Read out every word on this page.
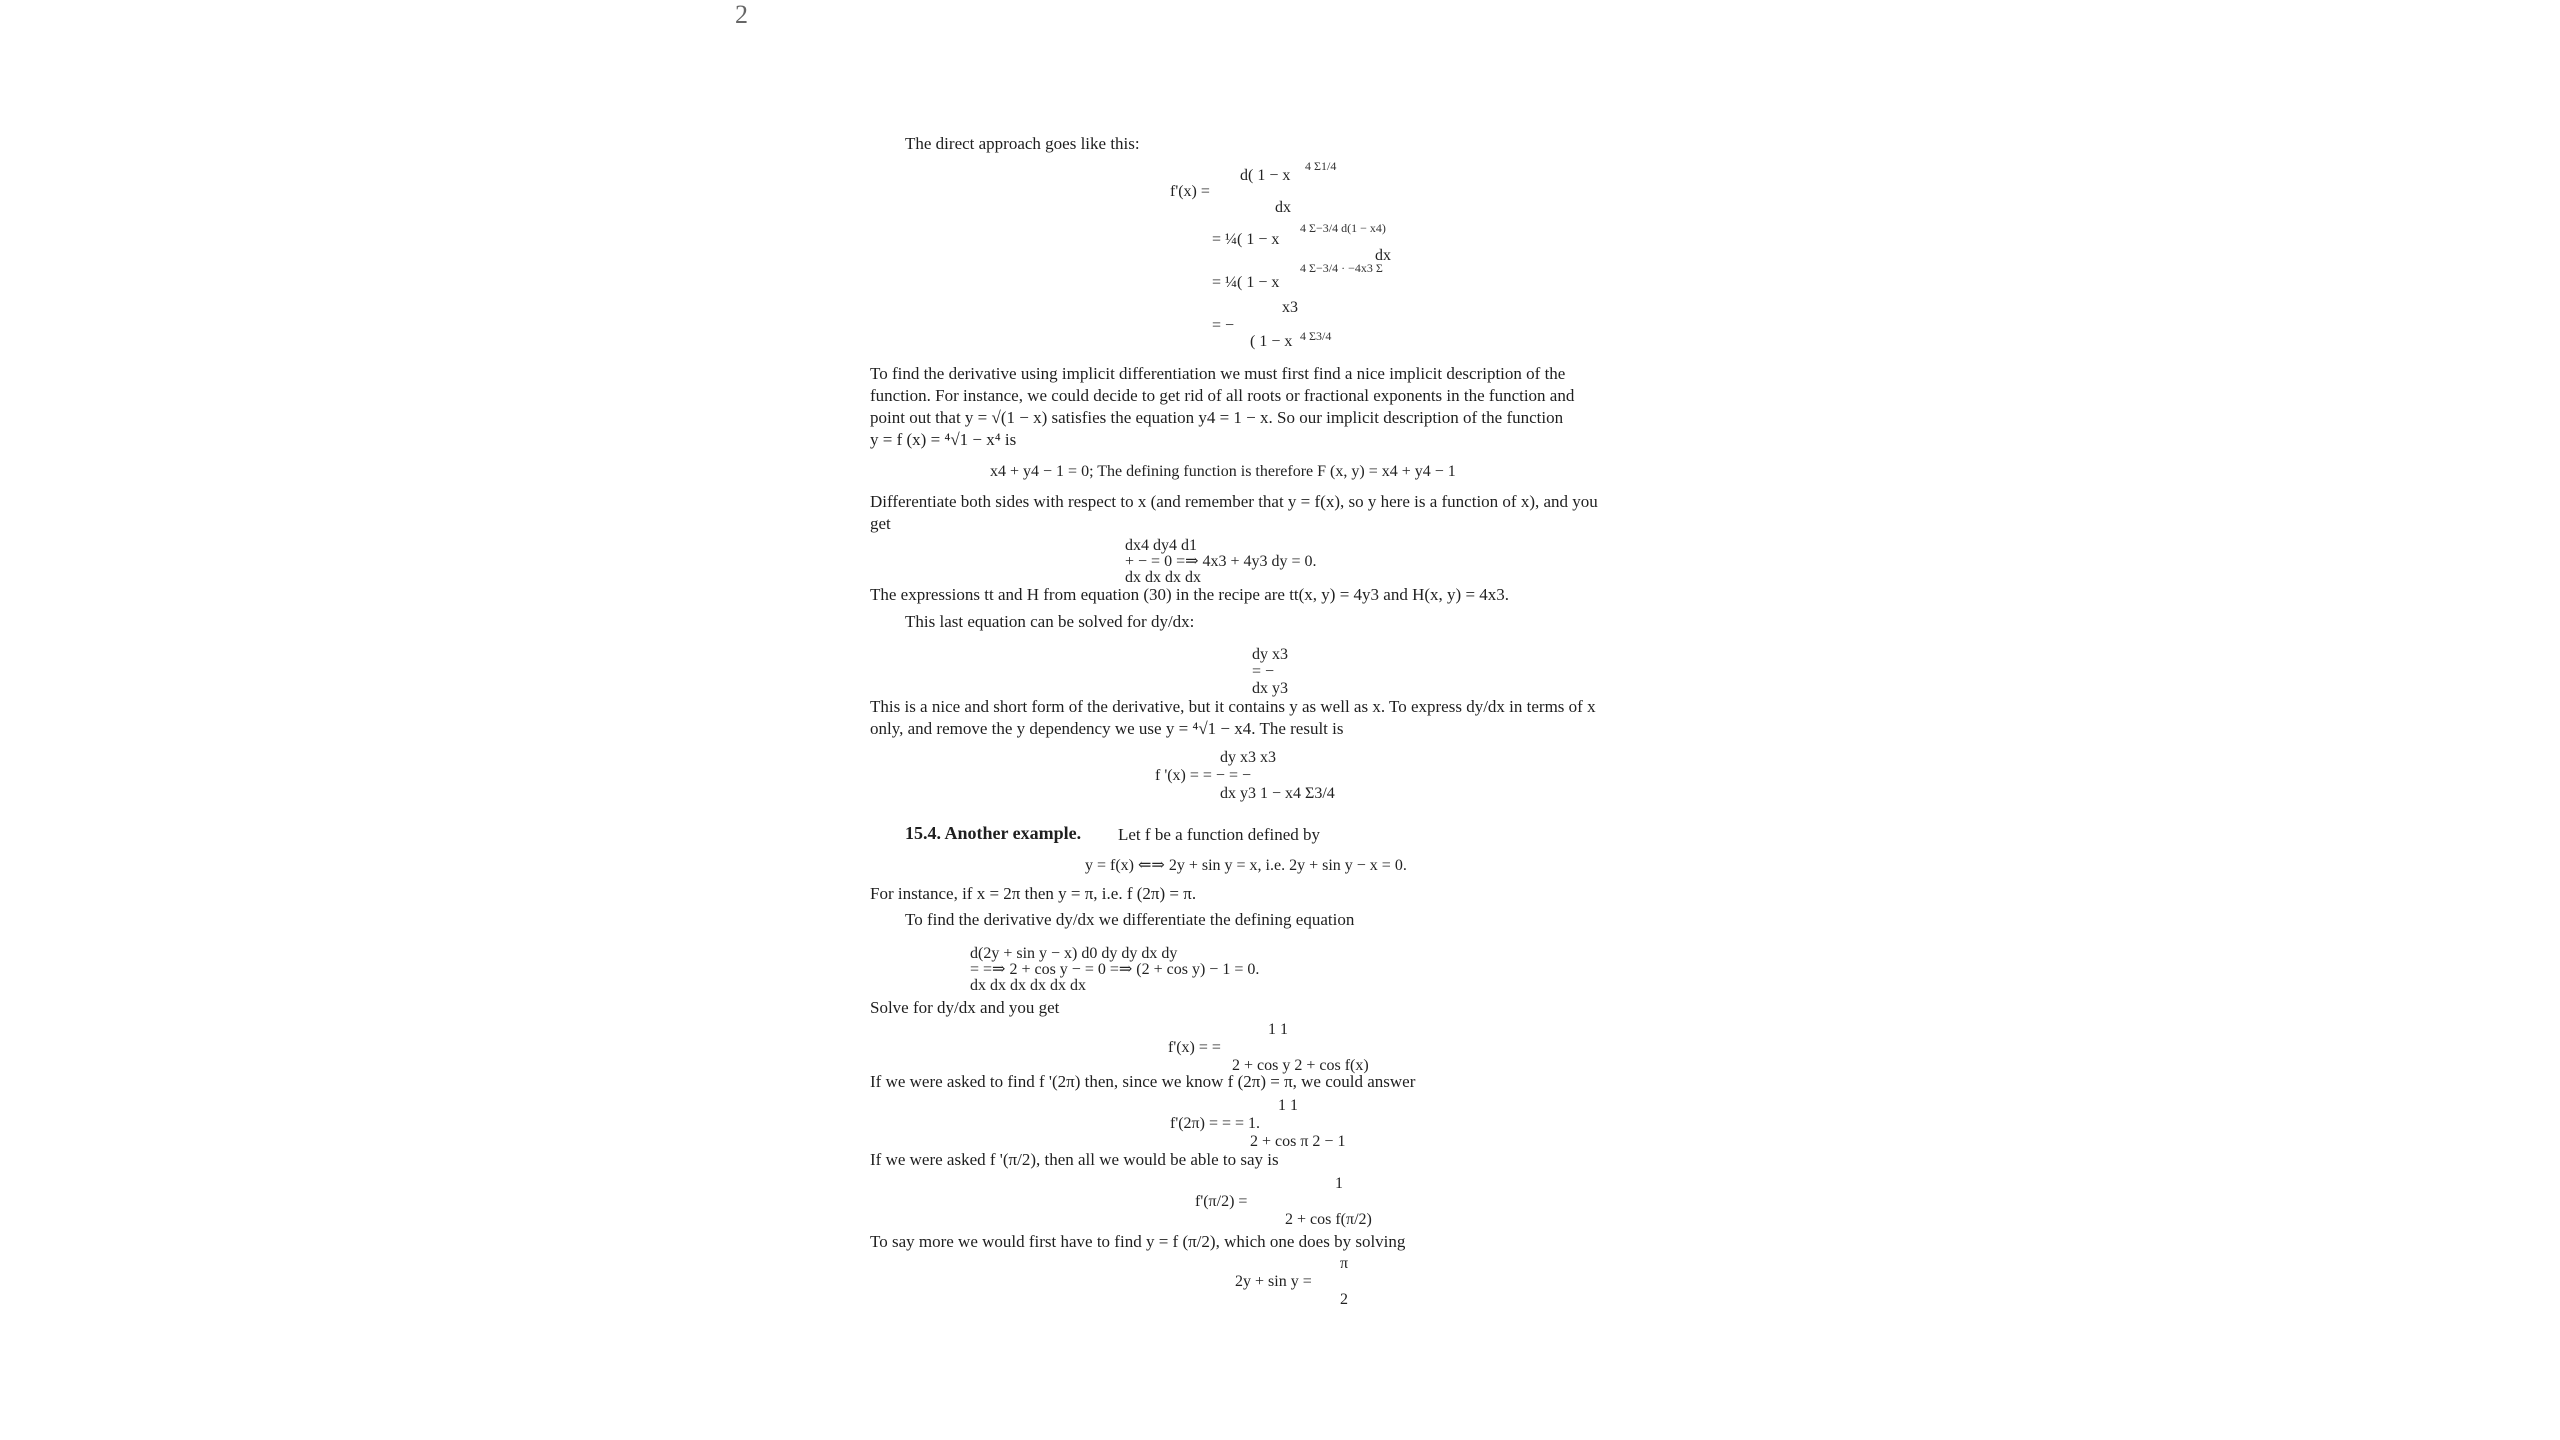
2
The direct approach goes like this:
d( 1 − x
4 Σ1/4
f'(x) =
dx
= ¼( 1 − x
4 Σ−3/4 d(1 − x4)
dx
= ¼( 1 − x
4 Σ−3/4 · −4x3 Σ
x3
= −
( 1 − x 4 Σ3/4
To find the derivative using implicit differentiation we must first find a nice implicit description of the
function. For instance, we could decide to get rid of all roots or fractional exponents in the function and
point out that y = √(1 − x) satisfies the equation y4 = 1 − x. So our implicit description of the function
y = f (x) = ⁴√1 − x⁴ is
x4 + y4 − 1 = 0; The defining function is therefore F (x, y) = x4 + y4 − 1
Differentiate both sides with respect to x (and remember that y = f(x), so y here is a function of x), and you
get
dx4 dy4 d1
+ − = 0 =⇒ 4x3 + 4y3 dy = 0.
dx dx dx dx
The expressions tt and H from equation (30) in the recipe are tt(x, y) = 4y3 and H(x, y) = 4x3.
This last equation can be solved for dy/dx:
dy x3
= −
dx y3
This is a nice and short form of the derivative, but it contains y as well as x. To express dy/dx in terms of x
only, and remove the y dependency we use y = ⁴√1 − x4. The result is
dy x3 x3
f '(x) = = − = −
dx y3 1 − x4 Σ3/4
15.4. Another example. Let f be a function defined by
y = f(x) ⇐⇒ 2y + sin y = x, i.e. 2y + sin y − x = 0.
For instance, if x = 2π then y = π, i.e. f (2π) = π.
To find the derivative dy/dx we differentiate the defining equation
d(2y + sin y − x) d0 dy dy dx dy
= =⇒ 2 + cos y − = 0 =⇒ (2 + cos y) − 1 = 0.
dx dx dx dx dx dx
Solve for dy/dx and you get
1 1
f'(x) = =
2 + cos y 2 + cos f(x)
If we were asked to find f '(2π) then, since we know f (2π) = π, we could answer
1 1
f'(2π) = = = 1.
2 + cos π 2 − 1
If we were asked f '(π/2), then all we would be able to say is
1
f'(π/2) =
2 + cos f(π/2)
To say more we would first have to find y = f (π/2), which one does by solving
π
2y + sin y =
2
